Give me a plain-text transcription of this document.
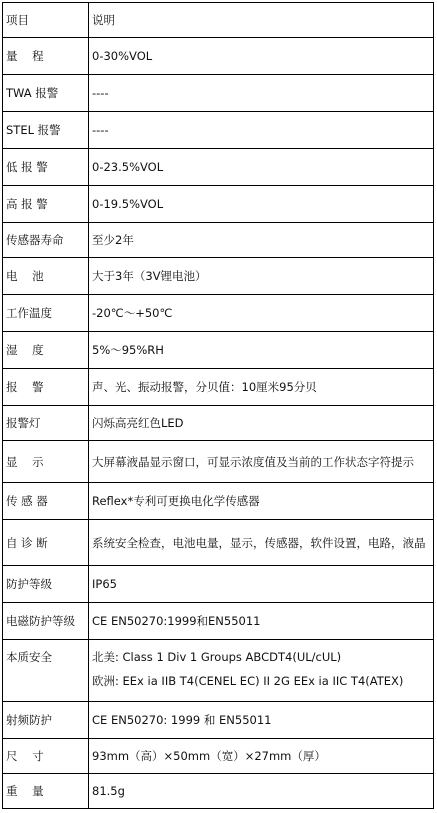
项目	说明
量    程	0-30%VOL
TWA 报警	----
STEL 报警	----
低 报 警	0-23.5%VOL
高 报 警	0-19.5%VOL
传感器寿命	至少2年
电    池	大于3年（3V锂电池）
工作温度	-20℃～+50℃
湿    度	5%～95%RH
报    警	声、光、振动报警，分贝值：10厘米95分贝
报警灯	闪烁高亮红色LED
显    示	大屏幕液晶显示窗口，可显示浓度值及当前的工作状态字符提示
传 感 器	Reflex*专利可更换电化学传感器
自 诊 断	系统安全检查，电池电量，显示，传感器，软件设置，电路，液晶
防护等级	IP65
电磁防护等级	CE EN50270:1999和EN55011
本质安全	北美: Class 1 Div 1 Groups ABCDT4(UL/cUL)
欧洲: EEx ia IIB T4(CENEL EC) II 2G EEx ia IIC T4(ATEX)

射频防护	CE EN50270: 1999 和 EN55011
尺    寸	93mm（高）×50mm（宽）×27mm（厚）
重    量	81.5g
